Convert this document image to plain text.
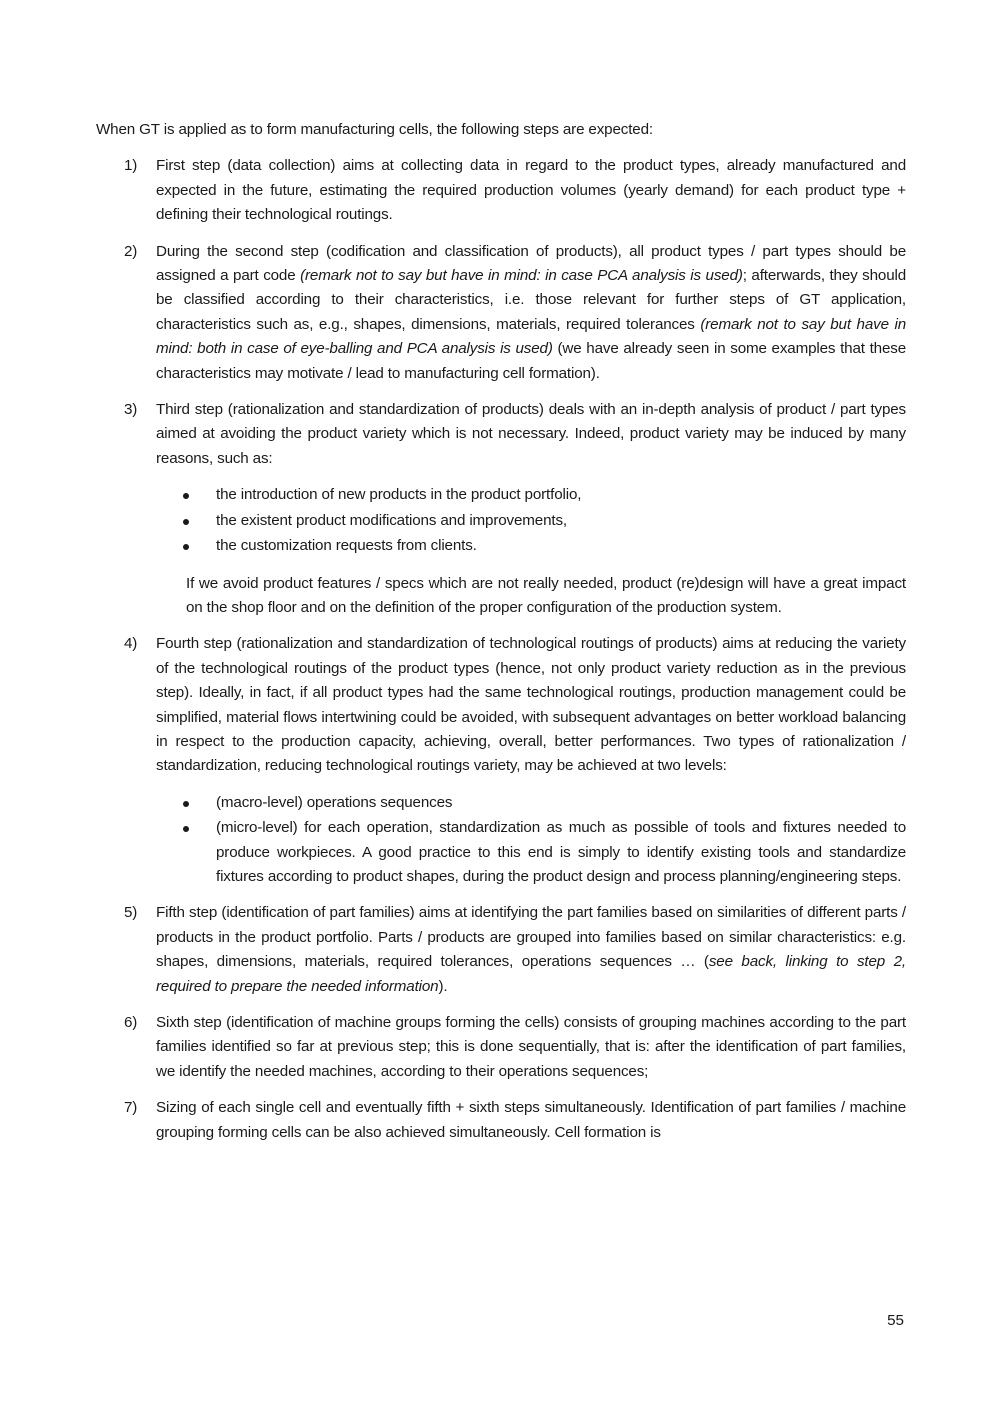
When GT is applied as to form manufacturing cells, the following steps are expected:

1) First step (data collection) aims at collecting data in regard to the product types, already manufactured and expected in the future, estimating the required production volumes (yearly demand) for each product type + defining their technological routings.

2) During the second step (codification and classification of products), all product types / part types should be assigned a part code (remark not to say but have in mind: in case PCA analysis is used); afterwards, they should be classified according to their characteristics, i.e. those relevant for further steps of GT application, characteristics such as, e.g., shapes, dimensions, materials, required tolerances (remark not to say but have in mind: both in case of eye-balling and PCA analysis is used) (we have already seen in some examples that these characteristics may motivate / lead to manufacturing cell formation).

3) Third step (rationalization and standardization of products) deals with an in-depth analysis of product / part types aimed at avoiding the product variety which is not necessary. Indeed, product variety may be induced by many reasons, such as:

the introduction of new products in the product portfolio,
the existent product modifications and improvements,
the customization requests from clients.

If we avoid product features / specs which are not really needed, product (re)design will have a great impact on the shop floor and on the definition of the proper configuration of the production system.

4) Fourth step (rationalization and standardization of technological routings of products) aims at reducing the variety of the technological routings of the product types (hence, not only product variety reduction as in the previous step). Ideally, in fact, if all product types had the same technological routings, production management could be simplified, material flows intertwining could be avoided, with subsequent advantages on better workload balancing in respect to the production capacity, achieving, overall, better performances. Two types of rationalization / standardization, reducing technological routings variety, may be achieved at two levels:

(macro-level) operations sequences
(micro-level) for each operation, standardization as much as possible of tools and fixtures needed to produce workpieces. A good practice to this end is simply to identify existing tools and standardize fixtures according to product shapes, during the product design and process planning/engineering steps.
5) Fifth step (identification of part families) aims at identifying the part families based on similarities of different parts / products in the product portfolio. Parts / products are grouped into families based on similar characteristics: e.g. shapes, dimensions, materials, required tolerances, operations sequences … (see back, linking to step 2, required to prepare the needed information).

6) Sixth step (identification of machine groups forming the cells) consists of grouping machines according to the part families identified so far at previous step; this is done sequentially, that is: after the identification of part families, we identify the needed machines, according to their operations sequences;

7) Sizing of each single cell and eventually fifth + sixth steps simultaneously. Identification of part families / machine grouping forming cells can be also achieved simultaneously. Cell formation is

55
